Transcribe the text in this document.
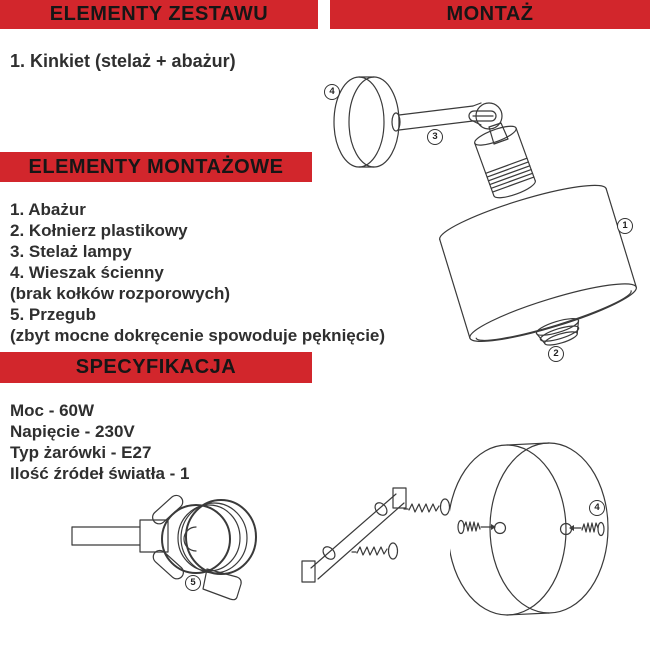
ELEMENTY ZESTAWU	MONTAŻ
ELEMENTY MONTAŻOWE
SPECYFIKACJA
1. Kinkiet (stelaż + abażur)
1. Abażur
2. Kołnierz plastikowy
3. Stelaż lampy
4. Wieszak ścienny
(brak kołków rozporowych)
5. Przegub
(zbyt mocne dokręcenie spowoduje pęknięcie)
Moc - 60W
Napięcie - 230V
Typ żarówki - E27
Ilość źródeł światła - 1
4
3
1
2
5
4
